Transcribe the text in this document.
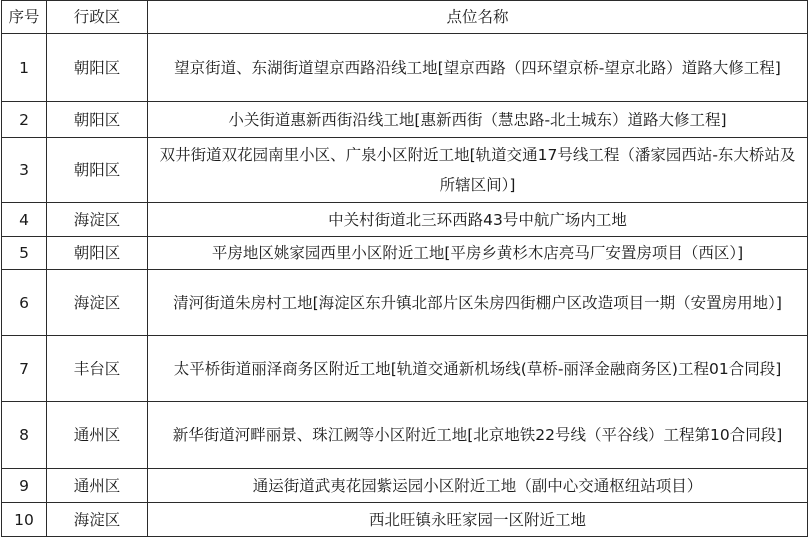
序号	行政区	点位名称
1	朝阳区	望京街道、东湖街道望京西路沿线工地[望京西路（四环望京桥-望京北路）道路大修工程]
2	朝阳区	小关街道惠新西街沿线工地[惠新西街（慧忠路-北土城东）道路大修工程]
3	朝阳区	双井街道双花园南里小区、广泉小区附近工地[轨道交通17号线工程（潘家园西站-东大桥站及所辖区间）]
4	海淀区	中关村街道北三环西路43号中航广场内工地
5	朝阳区	平房地区姚家园西里小区附近工地[平房乡黄杉木店亮马厂安置房项目（西区）]
6	海淀区	清河街道朱房村工地[海淀区东升镇北部片区朱房四街棚户区改造项目一期（安置房用地）]
7	丰台区	太平桥街道丽泽商务区附近工地[轨道交通新机场线(草桥-丽泽金融商务区)工程01合同段]
8	通州区	新华街道河畔丽景、珠江阙等小区附近工地[北京地铁22号线（平谷线）工程第10合同段]
9	通州区	通运街道武夷花园紫运园小区附近工地（副中心交通枢纽站项目）
10	海淀区	西北旺镇永旺家园一区附近工地
